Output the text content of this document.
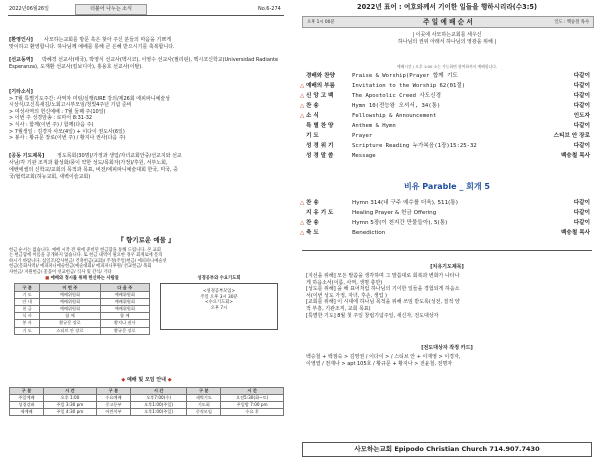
2022년06월26일	더불어 나누는 소식	No.6-274
[환영인사] 사모하는교회를 방문 혹은 찾아 주신 분들의 마음을 기쁘게
맞이하고 환영합니다. 하나님께 예배를 통해 큰 은혜 받으시기를 축복합니다.
[선교동역]	박혜경 선교사(태국), 박영식 선교사(멕시코), 이영수 선교사(필리핀), 멕시코신학교(Universidad Radiante Esperanza), 도재환 선교사(킬보디아), 홍용호 선교사(이탈).
[기타소식]
> 7월 특별기도주간: 사역자 미팅/실행/URE 강의/제26회 에피파니예술상
시상식/고신특새김/노회고시부모임/청빛4주년 기념 준비
> 여성사역의 헌신예배 : 7월 둘째 주(10일)
> 이번 주 성경암송 : 로마서 8:31-32
> 식사 : 함께(이번 주) / 함께(다음 주)
> 7월생일 : 김경자 사모(4일) + 이다이 권도사(6일)
> 봉사 : 황규문 장로(이번 주) / 황지나 권사(다음 주)
[공동 기도제목]	정도목회(30명)/가정과 생업/자녀교회안중/선교지와 선교
사님/각 기관 조직과 활성화/풍이 약한 성도/목회자(가정)/후원, 서부노회,
에벤에셀의 신학교/교회의 목적과 목표, 비전/에피파니예술대회 한국, 미국, 중
국/협력교회(허능교회, 새벽이슬교회)
『 향기로운 예물 』
헌금 순서는 없습니다. 예배 시작 전 위에 준비된 헌금함을 통해 드립니다. 본 교회
는 헌금함에 이름을 공개하지 않습니다. 또 헌금 내역이 필요한 경우 회계로에 문의
하시기 바랍니다. 십일조/감사헌금/ 건축헌금(교회)/ 주정(주일)헌금/ 에피파니예술선
헌금(문화사역)/ 에피파니예술헌금(예술대회)/ 에피파니후원/ 선교헌금/ 목회
자헌금/ 지원헌금/ 꽃꽂이 선교헌금/ 식사 및 간식/ 기타
■ 예배와 정시를 위해 헌신하는 사람들
구 분	이 번 주	다 음 주
기 도	예배위원회	예배위원회
안 내	예배위원회	예배위원회
헌 금	예배위원회	예배위원회
식 사	함 께	함 께
봉 사	황규문 장로	황지나 권사
기 도	스티브 안 장로	황규문 장로
성경공부와 수요기도회
<성경공부모임>
주일 오후 3시 30분
<수요기도회>
오후 7시
◆ 예배 및 모임 안내 ◆
구 분	시 간	구 분	시 간	구 분	시 간
주일예배	오후 1:00	수요예배	오후7:00(수)	새벽기도	오전5:30(화~토)
성경강좌	주일 3:30 pm	중고등부	오후1:00(주일)	기도회	주일밤 7:00 pm
제예배	주일 4:30 pm	어린이부	오후1:00(주일)	중직모임	수요 후
2022년 표어 : 여호와께서 기이한 일들을 행하시리라(수3:5)
오후 1시 00분	주 일 예 배 순 서	인도 : 백승철 목사
| 이곳에 사모하는교회를 세우신
하나님의 권위 아래서 하나님의 영광을 위해 |
예배시간 / 오후 1:00 소는 가능하면 참여하셔서 예배합니다.
경배와 찬양	Praise & Worship(Prayer 합께 기도	다같이
△ 예배의 부름	Invitation to the Worship 62(01절)	다같이
△ 신 앙 고 백	The Apostolic Creed 사도신경	다같이
△ 찬 송	Hymn 10(전능왕 오셔서, 34(통)	다같이
△ 소 식	Fellowship & Announcement	인도자
특 별 찬 양	Anthem & Hymn	다같이
기 도	Prayer	스티브 안 장로
성 경 위 기	Scripture Reading 누가복음(1장)15:25-32	다같이
성 경 말 씀	Message	백승철 목사
비유 Parable _ 회개 5
△ 찬 송	Hymn 314(내 구주 예수를 더욱), 511(통)	다같이
지 유 기 도	Healing Prayer & 헌금 Offering	다같이
△ 찬 송	Hymn 5장(이 천지간 만물들아), 5(통)	다같이
△ 축 도	Benediction	백승철 목사
[치유기도제목]
[지선을 위해] 모든 말씀을 생각하며 그 말씀대로 회복과 변화가 나타나
게 하옵소서(이름, 사역, 생명 충만)
[성도를 위해] 을 해 표어처럼 하나님의 기이한 일들을 경험되게 하옵소
서(이번 성도 가정, 자녀, 후손, 생업 )
[교회를 위해] 이 시대에 하나님 목적을 위해 쓰임 받도록(성전, 질적 양
적 부흥, 기관조직, 교회 목표)
[특별한 기도] 8월 첫 주일 창립기념주일, 새신자, 전도대상자
[전도대상자 작정 카드]
백승철 + 백점숙 > 김영권 / 이다이 > / 스티브 안 + 이재영 > 이경자,
이영열 / 천재나 > apt 105호 / 황규문 + 황지나 > 전윤철, 전명자
사모하는교회 Epipodo Christian Church 714.907.7430
